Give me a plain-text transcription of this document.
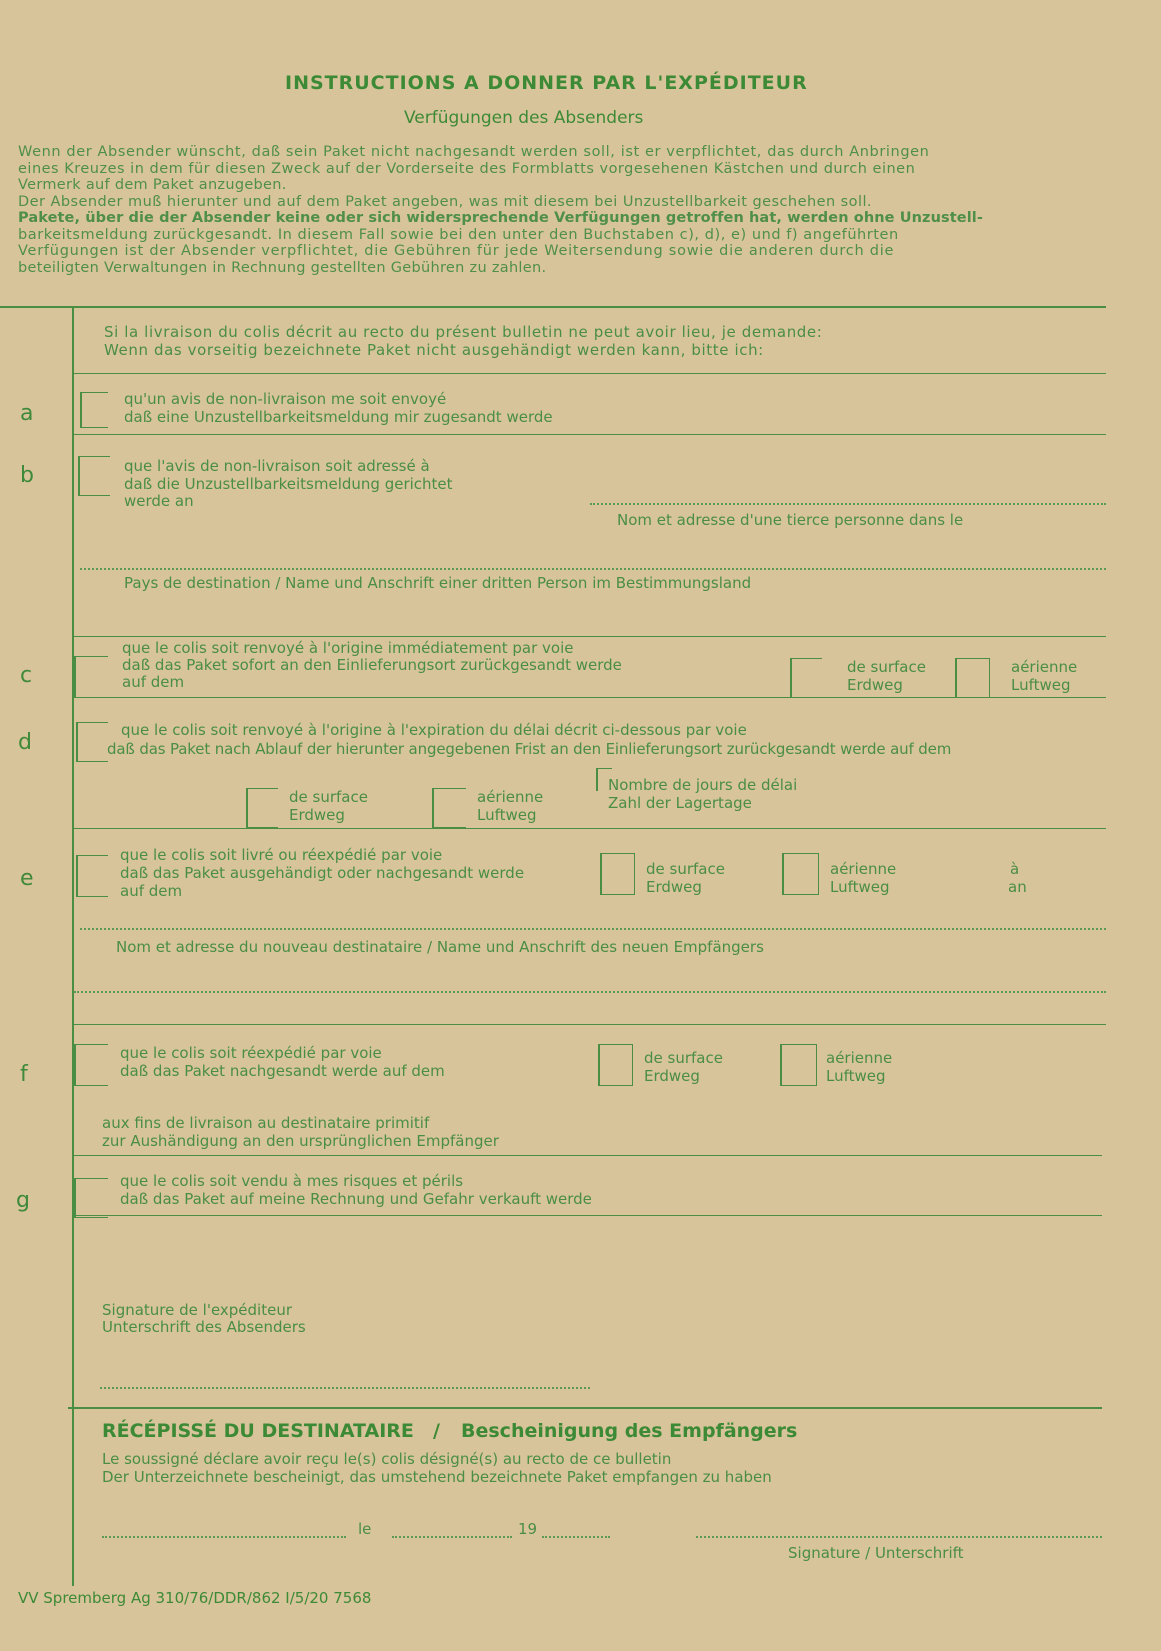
INSTRUCTIONS A DONNER PAR L'EXPÉDITEUR
Verfügungen des Absenders
Wenn der Absender wünscht, daß sein Paket nicht nachgesandt werden soll, ist er verpflichtet, das durch Anbringen
eines Kreuzes in dem für diesen Zweck auf der Vorderseite des Formblatts vorgesehenen Kästchen und durch einen
Vermerk auf dem Paket anzugeben.
Der Absender muß hierunter und auf dem Paket angeben, was mit diesem bei Unzustellbarkeit geschehen soll.
Pakete, über die der Absender keine oder sich widersprechende Verfügungen getroffen hat, werden ohne Unzustell-
barkeitsmeldung zurückgesandt. In diesem Fall sowie bei den unter den Buchstaben c), d), e) und f) angeführten
Verfügungen ist der Absender verpflichtet, die Gebühren für jede Weitersendung sowie die anderen durch die
beteiligten Verwaltungen in Rechnung gestellten Gebühren zu zahlen.
Si la livraison du colis décrit au recto du présent bulletin ne peut avoir lieu, je demande:
Wenn das vorseitig bezeichnete Paket nicht ausgehändigt werden kann, bitte ich:
a
qu'un avis de non-livraison me soit envoyé
daß eine Unzustellbarkeitsmeldung mir zugesandt werde
b	que l'avis de non-livraison soit adressé à
daß die Unzustellbarkeitsmeldung gerichtet
werde an
Nom et adresse d'une tierce personne dans le
Pays de destination / Name und Anschrift einer dritten Person im Bestimmungsland
c
que le colis soit renvoyé à l'origine immédiatement par voie
daß das Paket sofort an den Einlieferungsort zurückgesandt werde
auf dem
de surface
Erdweg
aérienne
Luftweg
d	que le colis soit renvoyé à l'origine à l'expiration du délai décrit ci-dessous par voie
daß das Paket nach Ablauf der hierunter angegebenen Frist an den Einlieferungsort zurückgesandt werde auf dem
de surface
Erdweg
aérienne
Luftweg
Nombre de jours de délai
Zahl der Lagertage
e
que le colis soit livré ou réexpédié par voie
daß das Paket ausgehändigt oder nachgesandt werde
auf dem
de surface
Erdweg
aérienne
Luftweg
à
an
Nom et adresse du nouveau destinataire / Name und Anschrift des neuen Empfängers
f
que le colis soit réexpédié par voie
daß das Paket nachgesandt werde auf dem
de surface
Erdweg
aérienne
Luftweg
aux fins de livraison au destinataire primitif
zur Aushändigung an den ursprünglichen Empfänger
g
que le colis soit vendu à mes risques et périls
daß das Paket auf meine Rechnung und Gefahr verkauft werde
Signature de l'expéditeur
Unterschrift des Absenders
RÉCÉPISSÉ DU DESTINATAIRE / Bescheinigung des Empfängers
Le soussigné déclare avoir reçu le(s) colis désigné(s) au recto de ce bulletin
Der Unterzeichnete bescheinigt, das umstehend bezeichnete Paket empfangen zu haben
le	19
Signature / Unterschrift
VV Spremberg Ag 310/76/DDR/862 I/5/20 7568
